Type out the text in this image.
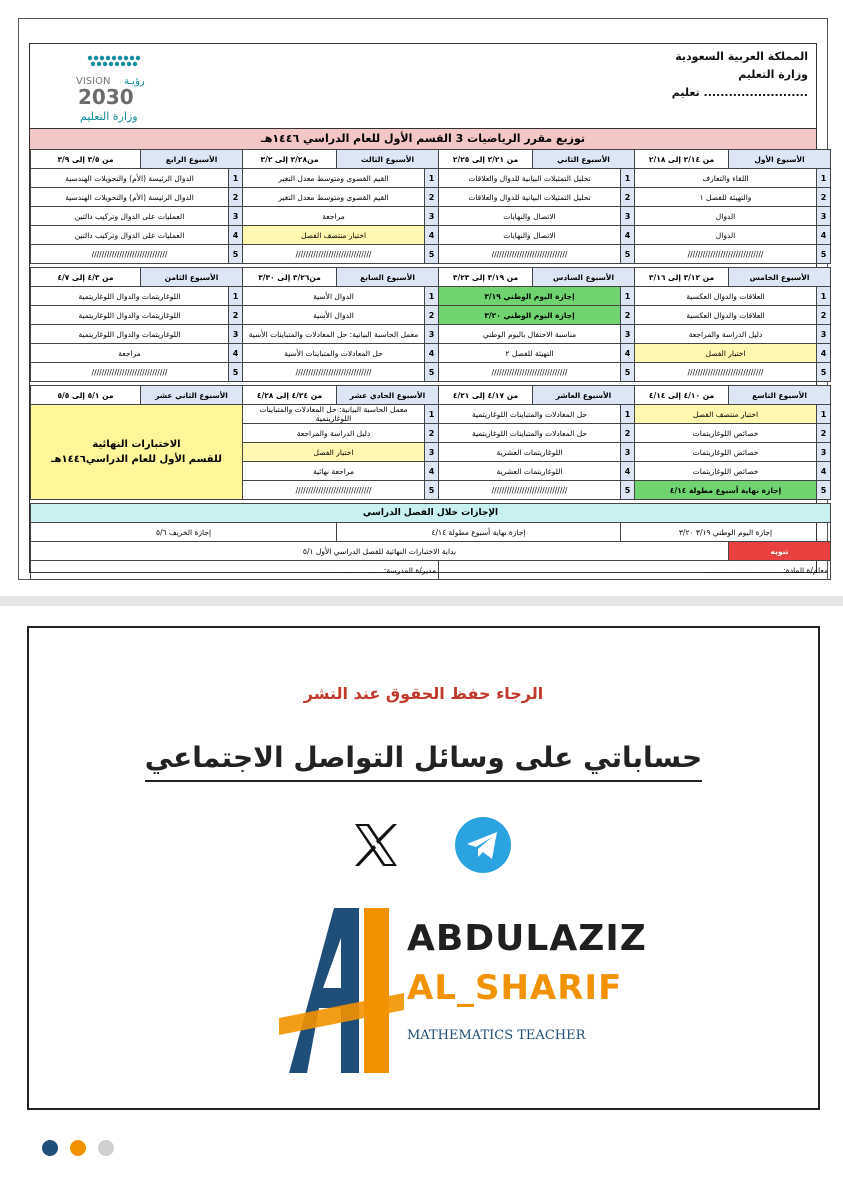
المملكة العربية السعودية
وزارة التعليم
تعليم .........................
VISION رؤيـة
2030
وزارة التعليم
توزيع مقرر الرياضيات 3 القسم الأول للعام الدراسي ١٤٤٦هـ
الأسبوع الأول		من ٢/١٤ إلى ٢/١٨	الأسبوع الثاني		من ٢/٢١ إلى ٢/٢٥	الأسبوع الثالث		من٢/٢٨ إلى ٣/٢	الأسبوع الرابع		من ٣/٥ إلى ٣/٩
1	اللقاء والتعارف		1	تحليل التمثيلات البيانية للدوال والعلاقات		1	القيم القصوى ومتوسط معدل التغير		1	الدوال الرئيسة (الأم) والتحويلات الهندسية	
2	والتهيئة للفصل ١		2	تحليل التمثيلات البيانية للدوال والعلاقات		2	القيم القصوى ومتوسط معدل التغير		2	الدوال الرئيسة (الأم) والتحويلات الهندسية	
3	الدوال		3	الاتصال والنهايات		3	مراجعة		3	العمليات على الدوال وتركيب دالتين	
4	الدوال		4	الاتصال والنهايات		4	اختبار منتصف الفصل		4	العمليات على الدوال وتركيب دالتين	
5	//////////////////////////////		5	//////////////////////////////		5	//////////////////////////////		5	//////////////////////////////	

الأسبوع الخامس		من ٣/١٢ إلى ٣/١٦	الأسبوع السادس		من ٣/١٩ إلى ٣/٢٣	الأسبوع السابع		من٣/٢٦ إلى ٣/٣٠	الأسبوع الثامن		من ٤/٣ إلى ٤/٧
1	العلاقات والدوال العكسية		1	إجازة اليوم الوطني ٣/١٩		1	الدوال الأسية		1	اللوغاريتمات والدوال اللوغاريتمية	
2	العلاقات والدوال العكسية		2	إجازة اليوم الوطني ٣/٢٠		2	الدوال الأسية		2	اللوغاريتمات والدوال اللوغاريتمية	
3	دليل الدراسة والمراجعة		3	مناسبة الاحتفال باليوم الوطني		3	معمل الحاسبة البيانية: حل المعادلات والمتباينات الأسية		3	اللوغاريتمات والدوال اللوغاريتمية	
4	اختبار الفصل		4	التهيئة للفصل ٢		4	حل المعادلات والمتباينات الأسية		4	مراجعة	
5	//////////////////////////////		5	//////////////////////////////		5	//////////////////////////////		5	//////////////////////////////	

الأسبوع التاسع		من ٤/١٠ إلى ٤/١٤	الأسبوع العاشر		من ٤/١٧ إلى ٤/٢١	الأسبوع الحادي عشر		من ٤/٢٤ إلى ٤/٢٨	الأسبوع الثاني عشر		من ٥/١ إلى ٥/٥
1	اختبار منتصف الفصل		1	حل المعادلات والمتباينات اللوغاريتمية		1	معمل الحاسبة البيانية: حل المعادلات والمتباينات اللوغاريتمية		الاختبارات النهائية
للقسم الأول للعام الدراسي١٤٤٦هـ		

2	خصائص اللوغاريتمات		2	حل المعادلات والمتباينات اللوغاريتمية		2	دليل الدراسة والمراجعة				
3	خصائص اللوغاريتمات		3	اللوغاريتمات العشرية		3	اختبار الفصل				
4	خصائص اللوغاريتمات		4	اللوغاريتمات العشرية		4	مراجعة نهائية				
5	إجازة نهاية أسبوع مطولة ٤/١٤		5	//////////////////////////////		5	//////////////////////////////				

الإجازات خلال الفصل الدراسي											
إجازة اليوم الوطني ٣/١٩ ٣/٢٠				إجازة نهاية أسبوع مطولة ٤/١٤				إجازة الخريف ٥/٦			
تنويه		بداية الاختبارات النهائية للفصل الدراسي الأول ٥/١									
معلم/ة المادة:.................................						مدير/ة المدرسة:...........................					
الرجاء حفظ الحقوق عند النشر
حساباتي على وسائل التواصل الاجتماعي
ABDULAZIZ
AL_SHARIF
MATHEMATICS TEACHER
